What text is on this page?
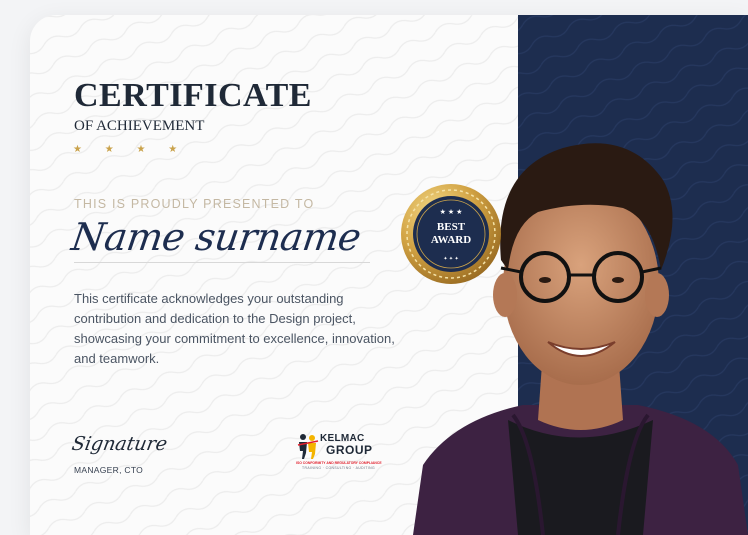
CERTIFICATE
OF ACHIEVEMENT
★ ★ ★ ★
THIS IS PROUDLY PRESENTED TO
Name surname

This certificate acknowledges your outstanding contribution and dedication to the Design project, showcasing your commitment to excellence, innovation, and teamwork.

Signature
MANAGER, CTO
KELMAC
GROUP
ISO CONFORMITY AND REGULATORY COMPLIANCE
TRAINING · CONSULTING · AUDITING
★ ★ ★
✦ ✦ ✦
BEST
AWARD
